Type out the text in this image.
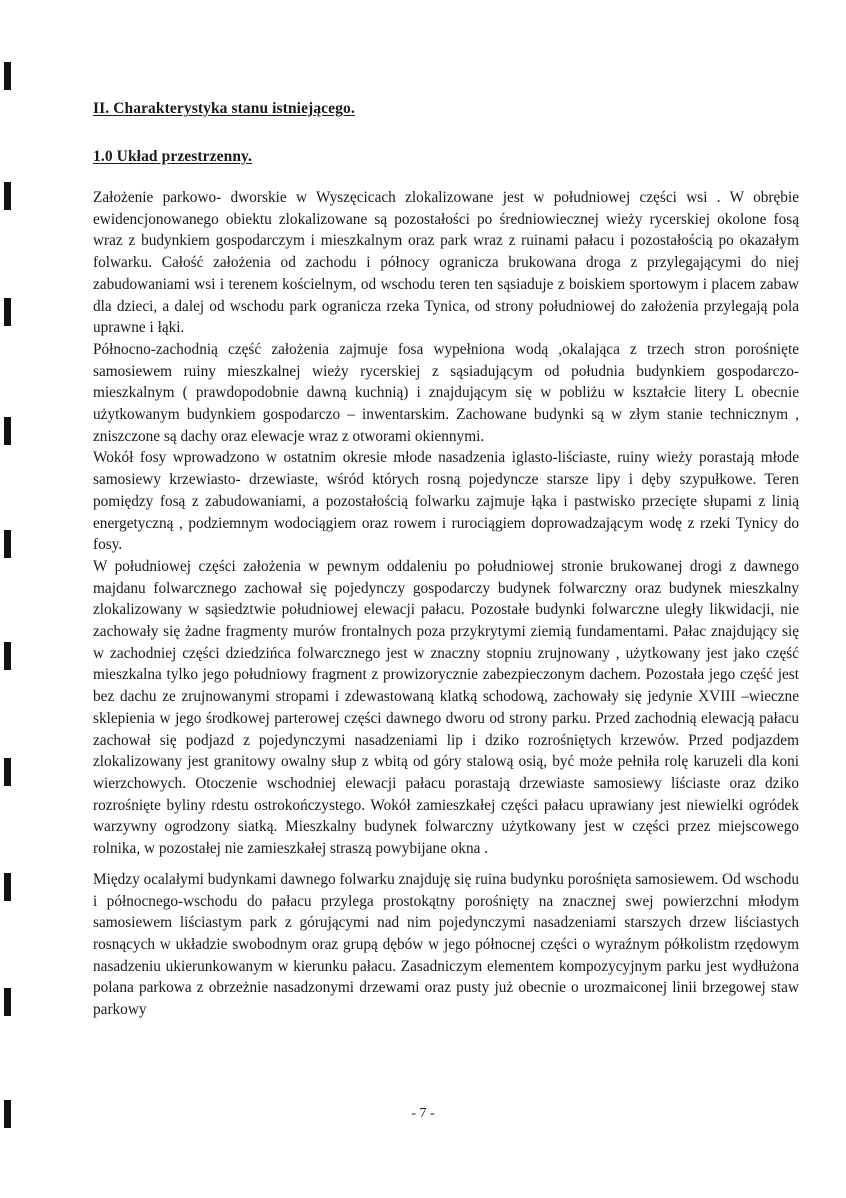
II. Charakterystyka stanu istniejącego.
1.0 Układ przestrzenny.

Założenie parkowo- dworskie w Wyszęcicach zlokalizowane jest w południowej części wsi . W obrębie ewidencjonowanego obiektu zlokalizowane są pozostałości po średniowiecznej wieży rycerskiej okolone fosą wraz z budynkiem gospodarczym i mieszkalnym oraz park wraz z ruinami pałacu i pozostałością po okazałym folwarku. Całość założenia od zachodu i północy ogranicza brukowana droga z przylegającymi do niej zabudowaniami wsi i terenem kościelnym, od wschodu teren ten sąsiaduje z boiskiem sportowym i placem zabaw dla dzieci, a dalej od wschodu park ogranicza rzeka Tynica, od strony południowej do założenia przylegają pola uprawne i łąki.

Północno-zachodnią część założenia zajmuje fosa wypełniona wodą ,okalająca z trzech stron porośnięte samosiewem ruiny mieszkalnej wieży rycerskiej z sąsiadującym od południa budynkiem gospodarczo-mieszkalnym ( prawdopodobnie dawną kuchnią) i znajdującym się w pobliżu w kształcie litery L obecnie użytkowanym budynkiem gospodarczo – inwentarskim. Zachowane budynki są w złym stanie technicznym , zniszczone są dachy oraz elewacje wraz z otworami okiennymi.

Wokół fosy wprowadzono w ostatnim okresie młode nasadzenia iglasto-liściaste, ruiny wieży porastają młode samosiewy krzewiasto- drzewiaste, wśród których rosną pojedyncze starsze lipy i dęby szypułkowe. Teren pomiędzy fosą z zabudowaniami, a pozostałością folwarku zajmuje łąka i pastwisko przecięte słupami z linią energetyczną , podziemnym wodociągiem oraz rowem i rurociągiem doprowadzającym wodę z rzeki Tynicy do fosy.

W południowej części założenia w pewnym oddaleniu po południowej stronie brukowanej drogi z dawnego majdanu folwarcznego zachował się pojedynczy gospodarczy budynek folwarczny oraz budynek mieszkalny zlokalizowany w sąsiedztwie południowej elewacji pałacu. Pozostałe budynki folwarczne uległy likwidacji, nie zachowały się żadne fragmenty murów frontalnych poza przykrytymi ziemią fundamentami. Pałac znajdujący się w zachodniej części dziedzińca folwarcznego jest w znaczny stopniu zrujnowany , użytkowany jest jako część mieszkalna tylko jego południowy fragment z prowizorycznie zabezpieczonym dachem. Pozostała jego część jest bez dachu ze zrujnowanymi stropami i zdewastowaną klatką schodową, zachowały się jedynie XVIII –wieczne sklepienia w jego środkowej parterowej części dawnego dworu od strony parku. Przed zachodnią elewacją pałacu zachował się podjazd z pojedynczymi nasadzeniami lip i dziko rozrośniętych krzewów. Przed podjazdem zlokalizowany jest granitowy owalny słup z wbitą od góry stalową osią, być może pełniła rolę karuzeli dla koni wierzchowych. Otoczenie wschodniej elewacji pałacu porastają drzewiaste samosiewy liściaste oraz dziko rozrośnięte byliny rdestu ostrokończystego. Wokół zamieszkałej części pałacu uprawiany jest niewielki ogródek warzywny ogrodzony siatką. Mieszkalny budynek folwarczny użytkowany jest w części przez miejscowego rolnika, w pozostałej nie zamieszkałej straszą powybijane okna .

Między ocalałymi budynkami dawnego folwarku znajduję się ruina budynku porośnięta samosiewem. Od wschodu i północnego-wschodu do pałacu przylega prostokątny porośnięty na znacznej swej powierzchni młodym samosiewem liściastym park z górującymi nad nim pojedynczymi nasadzeniami starszych drzew liściastych rosnących w układzie swobodnym oraz grupą dębów w jego północnej części o wyraźnym półkolistm rzędowym nasadzeniu ukierunkowanym w kierunku pałacu. Zasadniczym elementem kompozycyjnym parku jest wydłużona polana parkowa z obrzeżnie nasadzonymi drzewami oraz pusty już obecnie o urozmaiconej linii brzegowej staw parkowy

- 7 -
